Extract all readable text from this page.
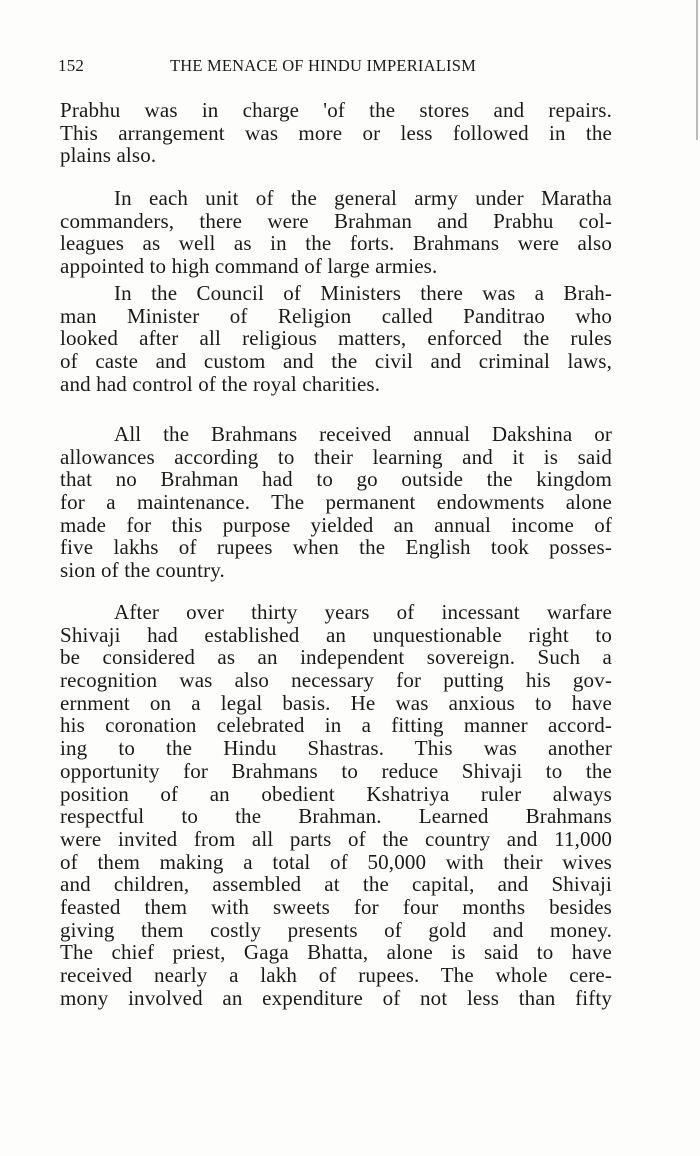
152	THE MENACE OF HINDU IMPERIALISM
Prabhu was in charge 'of the stores and repairs.
This arrangement was more or less followed in the
plains also.
In each unit of the general army under Maratha
commanders, there were Brahman and Prabhu col-
leagues as well as in the forts. Brahmans were also
appointed to high command of large armies.
In the Council of Ministers there was a Brah-
man Minister of Religion called Panditrao who
looked after all religious matters, enforced the rules
of caste and custom and the civil and criminal laws,
and had control of the royal charities.
All the Brahmans received annual Dakshina or
allowances according to their learning and it is said
that no Brahman had to go outside the kingdom
for a maintenance. The permanent endowments alone
made for this purpose yielded an annual income of
five lakhs of rupees when the English took posses-
sion of the country.
After over thirty years of incessant warfare
Shivaji had established an unquestionable right to
be considered as an independent sovereign. Such a
recognition was also necessary for putting his gov-
ernment on a legal basis. He was anxious to have
his coronation celebrated in a fitting manner accord-
ing to the Hindu Shastras. This was another
opportunity for Brahmans to reduce Shivaji to the
position of an obedient Kshatriya ruler always
respectful to the Brahman. Learned Brahmans
were invited from all parts of the country and 11,000
of them making a total of 50,000 with their wives
and children, assembled at the capital, and Shivaji
feasted them with sweets for four months besides
giving them costly presents of gold and money.
The chief priest, Gaga Bhatta, alone is said to have
received nearly a lakh of rupees. The whole cere-
mony involved an expenditure of not less than fifty
